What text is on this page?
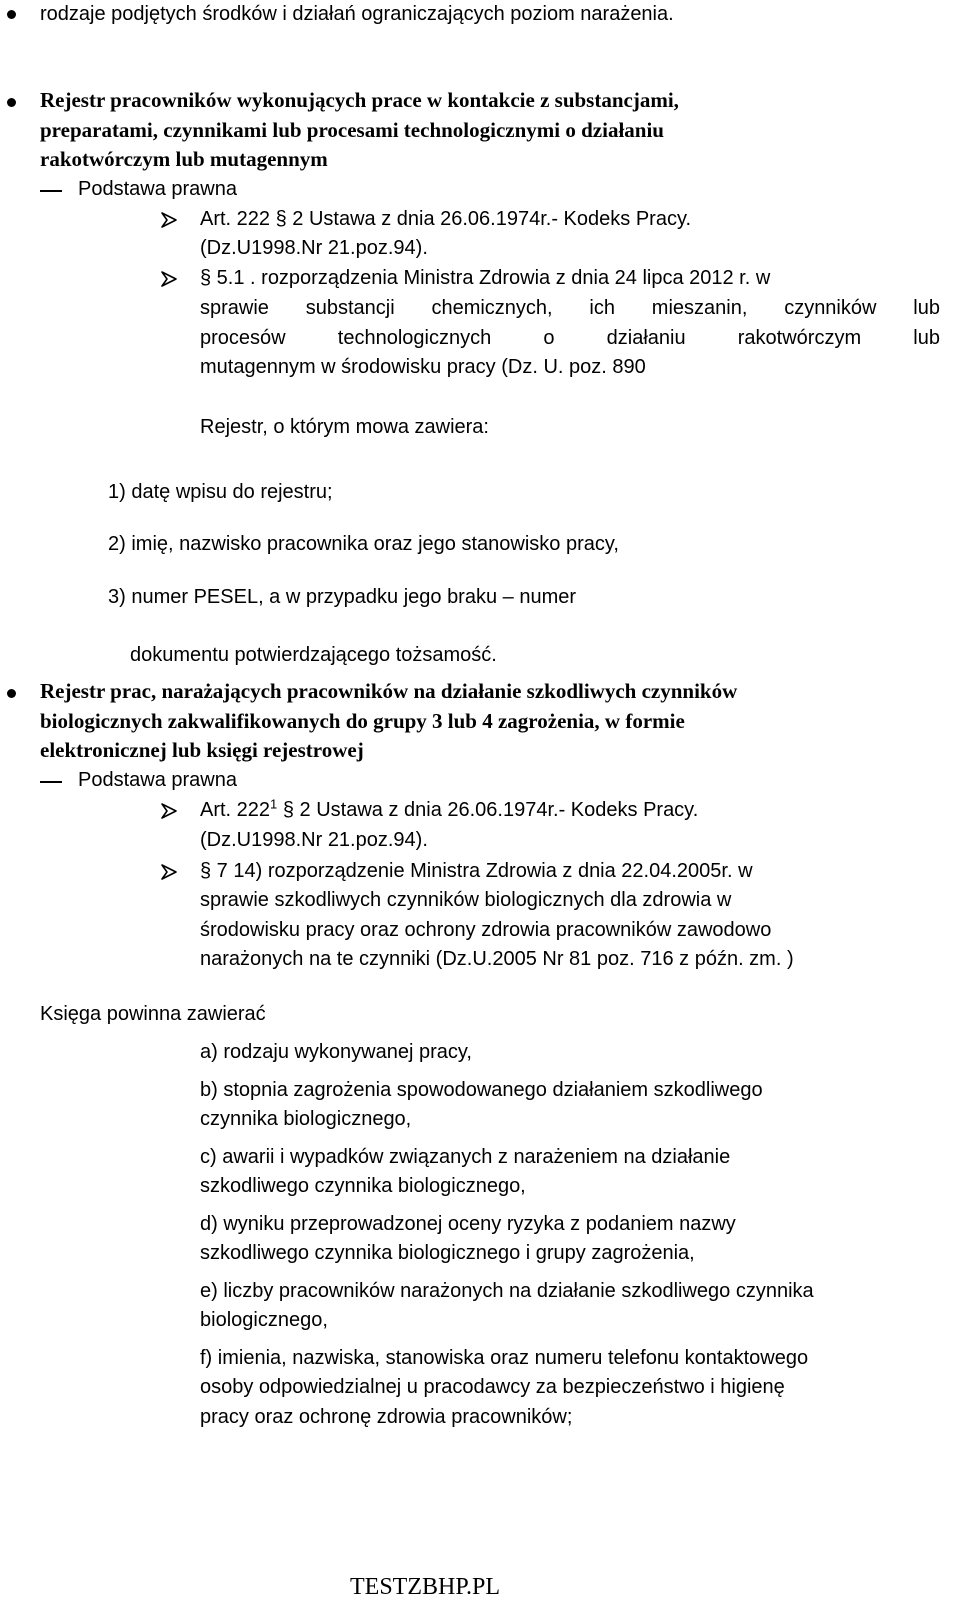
rodzaje podjętych środków i działań ograniczających poziom narażenia.
Rejestr pracowników wykonujących prace w kontakcie z substancjami,
preparatami, czynnikami lub procesami technologicznymi o działaniu
rakotwórczym lub mutagennym
Podstawa prawna
Art. 222 § 2 Ustawa z dnia 26.06.1974r.- Kodeks Pracy.
(Dz.U1998.Nr 21.poz.94).
§ 5.1 . rozporządzenia Ministra Zdrowia z dnia 24 lipca 2012 r. w
sprawie substancji chemicznych, ich mieszanin, czynników lub
procesów	technologicznych	o	działaniu	rakotwórczym	lub
mutagennym w środowisku pracy (Dz. U. poz. 890
Rejestr, o którym mowa zawiera:
1) datę wpisu do rejestru;
2) imię, nazwisko pracownika oraz jego stanowisko pracy,
3) numer PESEL, a w przypadku jego braku – numer
dokumentu potwierdzającego tożsamość.
Rejestr prac, narażających pracowników na działanie szkodliwych czynników
biologicznych zakwalifikowanych do grupy 3 lub 4 zagrożenia, w formie
elektronicznej lub księgi rejestrowej
Podstawa prawna
Art. $222^1$ § 2 Ustawa z dnia 26.06.1974r.- Kodeks Pracy.
(Dz.U1998.Nr 21.poz.94).
§ 7 14) rozporządzenie Ministra Zdrowia z dnia 22.04.2005r. w
sprawie szkodliwych czynników biologicznych dla zdrowia w
środowisku pracy oraz ochrony zdrowia pracowników zawodowo
narażonych na te czynniki (Dz.U.2005 Nr 81 poz. 716 z późn. zm. )
Księga powinna zawierać
a) rodzaju wykonywanej pracy,
b) stopnia zagrożenia spowodowanego działaniem szkodliwego
czynnika biologicznego,
c) awarii i wypadków związanych z narażeniem na działanie
szkodliwego czynnika biologicznego,
d) wyniku przeprowadzonej oceny ryzyka z podaniem nazwy
szkodliwego czynnika biologicznego i grupy zagrożenia,
e) liczby pracowników narażonych na działanie szkodliwego czynnika
biologicznego,
f) imienia, nazwiska, stanowiska oraz numeru telefonu kontaktowego
osoby odpowiedzialnej u pracodawcy za bezpieczeństwo i higienę
pracy oraz ochronę zdrowia pracowników;
TESTZBHP.PL
